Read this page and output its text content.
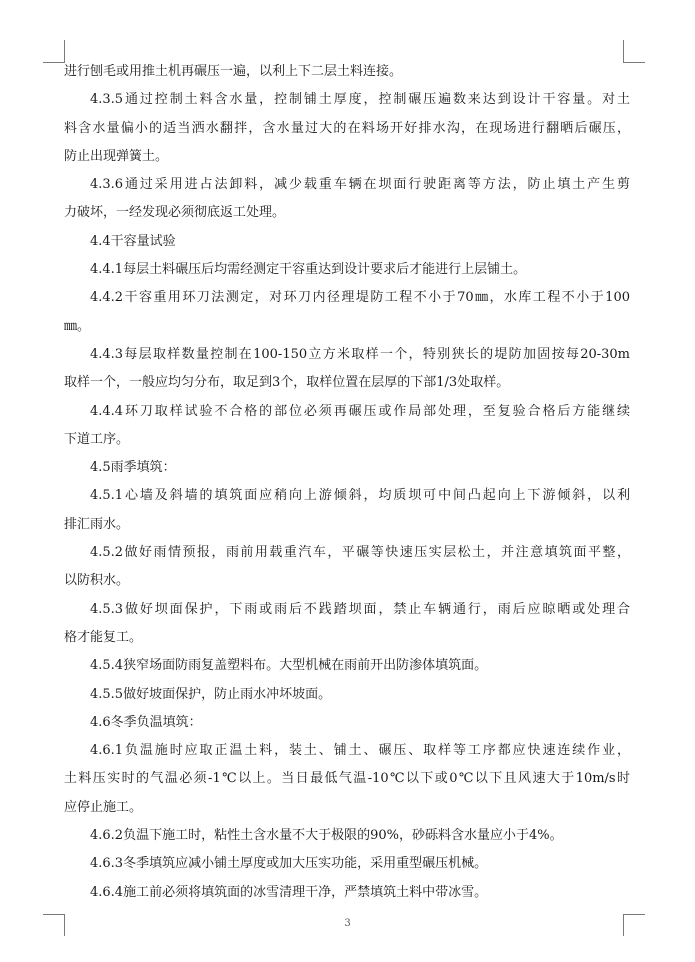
进行刨毛或用推土机再碾压一遍，以利上下二层土料连接。
4.3.5通过控制土料含水量，控制铺土厚度，控制碾压遍数来达到设计干容量。对土
料含水量偏小的适当洒水翻拌，含水量过大的在料场开好排水沟，在现场进行翻晒后碾压，
防止出现弹簧土。
4.3.6通过采用进占法卸料，减少载重车辆在坝面行驶距离等方法，防止填土产生剪
力破坏，一经发现必须彻底返工处理。
4.4干容量试验
4.4.1每层土料碾压后均需经测定干容重达到设计要求后才能进行上层铺土。
4.4.2干容重用环刀法测定，对环刀内径理堤防工程不小于70㎜，水库工程不小于100
㎜。
4.4.3每层取样数量控制在100-150立方米取样一个，特别狭长的堤防加固按每20-30m
取样一个，一般应均匀分布，取足到3个，取样位置在层厚的下部1/3处取样。
4.4.4环刀取样试验不合格的部位必须再碾压或作局部处理，至复验合格后方能继续
下道工序。
4.5雨季填筑：
4.5.1心墙及斜墙的填筑面应稍向上游倾斜，均质坝可中间凸起向上下游倾斜，以利
排汇雨水。
4.5.2做好雨情预报，雨前用载重汽车，平碾等快速压实层松土，并注意填筑面平整，
以防积水。
4.5.3做好坝面保护，下雨或雨后不践踏坝面，禁止车辆通行，雨后应晾晒或处理合
格才能复工。
4.5.4狭窄场面防雨复盖塑料布。大型机械在雨前开出防渗体填筑面。
4.5.5做好坡面保护，防止雨水冲坏坡面。
4.6冬季负温填筑：
4.6.1负温施时应取正温土料，装土、铺土、碾压、取样等工序都应快速连续作业，
土料压实时的气温必须-1℃以上。当日最低气温-10℃以下或0℃以下且风速大于10m/s时
应停止施工。
4.6.2负温下施工时，粘性土含水量不大于极限的90%，砂砾料含水量应小于4%。
4.6.3冬季填筑应减小铺土厚度或加大压实功能，采用重型碾压机械。
4.6.4施工前必须将填筑面的冰雪清理干净，严禁填筑土料中带冰雪。
3
